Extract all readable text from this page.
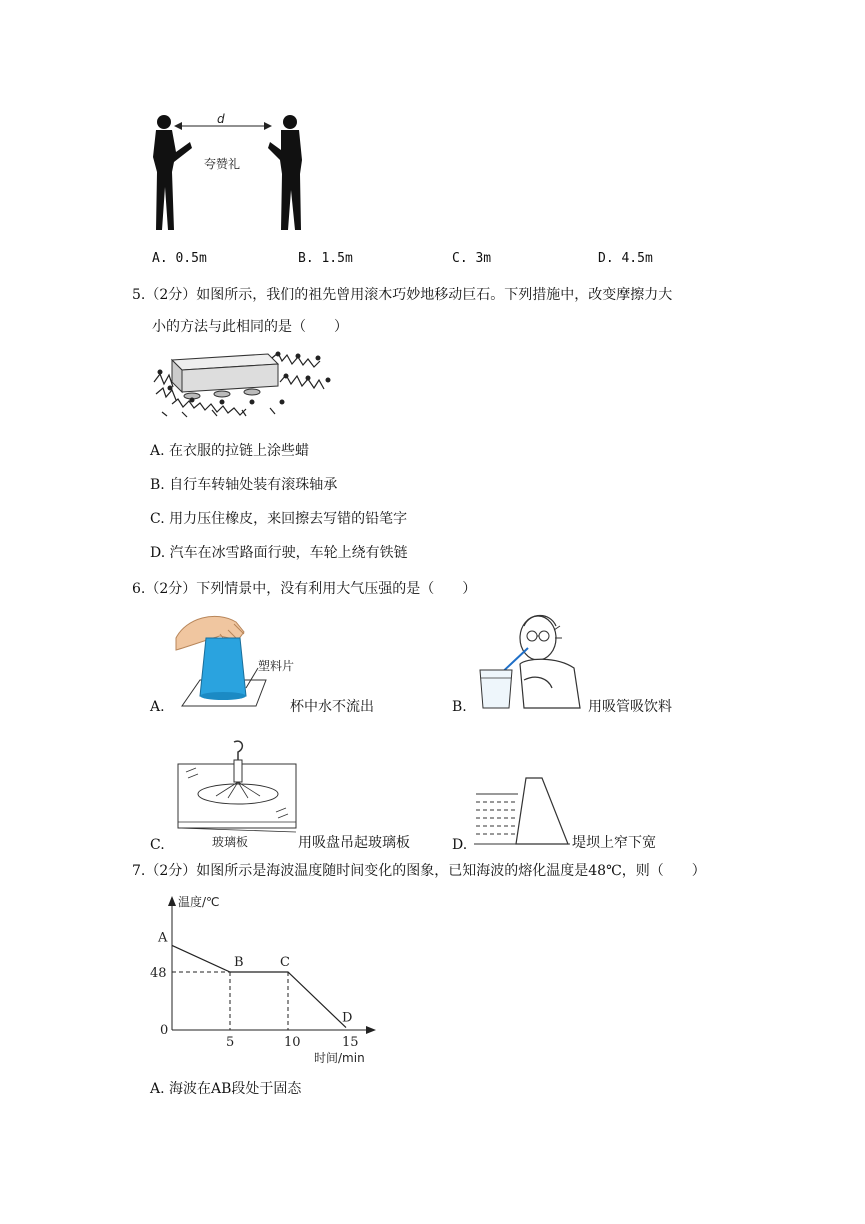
d
夸赞礼
A. 0.5m	B. 1.5m	C. 3m	D. 4.5m
5.（2分）如图所示，我们的祖先曾用滚木巧妙地移动巨石。下列措施中，改变摩擦力大
小的方法与此相同的是（　　）
A. 在衣服的拉链上涂些蜡
B. 自行车转轴处装有滚珠轴承
C. 用力压住橡皮，来回擦去写错的铅笔字
D. 汽车在冰雪路面行驶，车轮上绕有铁链
6.（2分）下列情景中，没有利用大气压强的是（　　）
塑料片
A.	杯中水不流出	B.	用吸管吸饮料
玻璃板
C.	用吸盘吊起玻璃板	D.	堤坝上窄下宽
7.（2分）如图所示是海波温度随时间变化的图象，已知海波的熔化温度是48℃，则（　　）
温度/℃
时间/min
0
48
5	10	15
A
B	C
D
A. 海波在AB段处于固态
